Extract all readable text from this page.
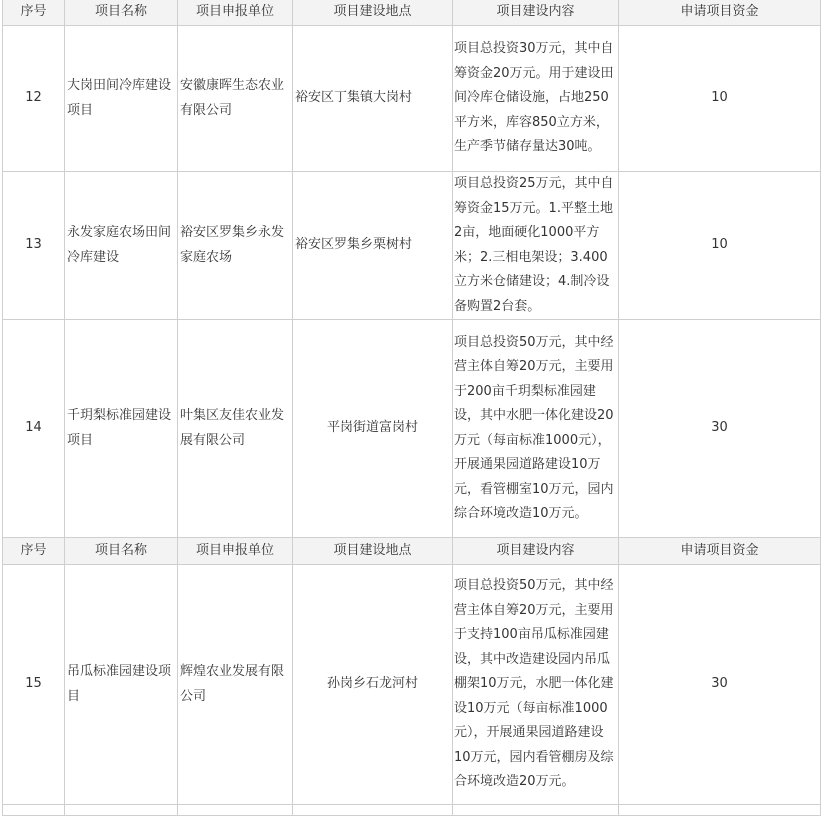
序号	项目名称	项目申报单位	项目建设地点	项目建设内容	申请项目资金
12	大岗田间冷库建设项目	安徽康晖生态农业有限公司	裕安区丁集镇大岗村	项目总投资30万元，其中自筹资金20万元。用于建设田间冷库仓储设施，占地250平方米，库容850立方米，生产季节储存量达30吨。	10
13	永发家庭农场田间冷库建设	裕安区罗集乡永发家庭农场	裕安区罗集乡栗树村	项目总投资25万元，其中自筹资金15万元。1.平整土地2亩，地面硬化1000平方米；2.三相电架设；3.400立方米仓储建设；4.制冷设备购置2台套。	10
14	千玥梨标准园建设项目	叶集区友佳农业发展有限公司	平岗街道富岗村	项目总投资50万元，其中经营主体自筹20万元，主要用于200亩千玥梨标准园建设，其中水肥一体化建设20万元（每亩标准1000元），开展通果园道路建设10万元，看管棚室10万元，园内综合环境改造10万元。	30
序号	项目名称	项目申报单位	项目建设地点	项目建设内容	申请项目资金
15	吊瓜标准园建设项目	辉煌农业发展有限公司	孙岗乡石龙河村	项目总投资50万元，其中经营主体自筹20万元，主要用于支持100亩吊瓜标准园建设，其中改造建设园内吊瓜棚架10万元，水肥一体化建设10万元（每亩标准1000元），开展通果园道路建设10万元，园内看管棚房及综合环境改造20万元。	30
